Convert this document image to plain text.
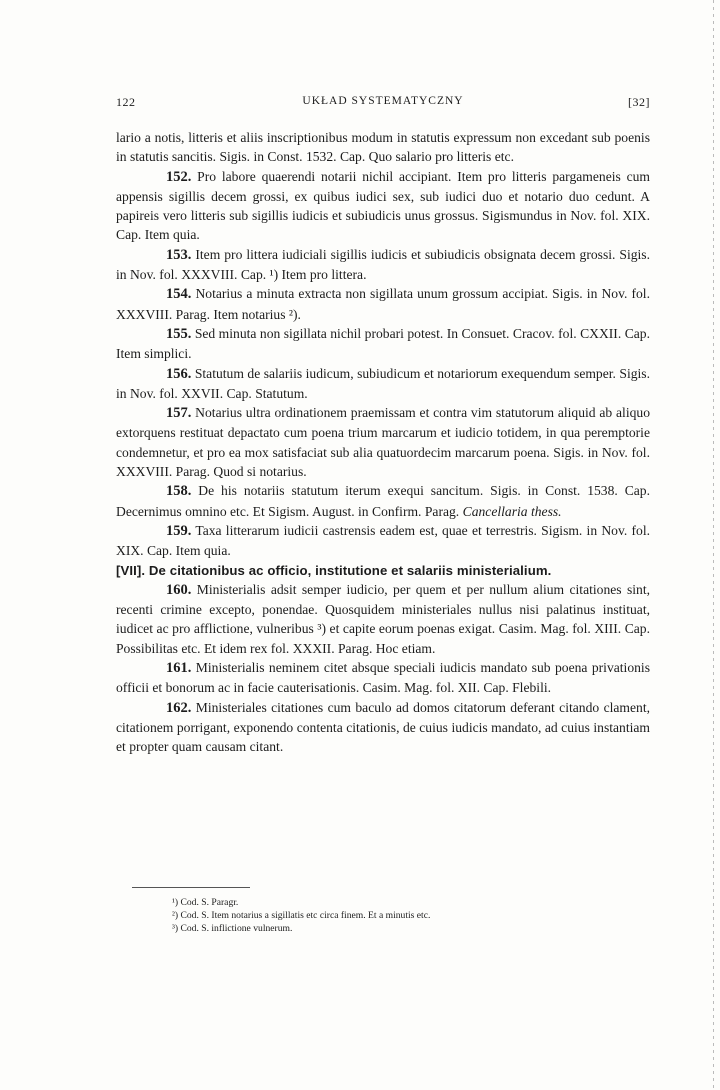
122	UKŁAD SYSTEMATYCZNY	[32]

lario a notis, litteris et aliis inscriptionibus modum in statutis expressum non excedant sub poenis in statutis sancitis. Sigis. in Const. 1532. Cap. Quo salario pro litteris etc.

152. Pro labore quaerendi notarii nichil accipiant. Item pro litteris pargameneis cum appensis sigillis decem grossi, ex quibus iudici sex, sub iudici duo et notario duo cedunt. A papireis vero litteris sub sigillis iudicis et subiudicis unus grossus. Sigismundus in Nov. fol. XIX. Cap. Item quia.

153. Item pro littera iudiciali sigillis iudicis et subiudicis obsignata decem grossi. Sigis. in Nov. fol. XXXVIII. Cap. ¹) Item pro littera.

154. Notarius a minuta extracta non sigillata unum grossum accipiat. Sigis. in Nov. fol. XXXVIII. Parag. Item notarius ²).

155. Sed minuta non sigillata nichil probari potest. In Consuet. Cracov. fol. CXXII. Cap. Item simplici.

156. Statutum de salariis iudicum, subiudicum et notariorum exequendum semper. Sigis. in Nov. fol. XXVII. Cap. Statutum.

157. Notarius ultra ordinationem praemissam et contra vim statutorum aliquid ab aliquo extorquens restituat depactato cum poena trium marcarum et iudicio totidem, in qua peremptorie condemnetur, et pro ea mox satisfaciat sub alia quatuordecim marcarum poena. Sigis. in Nov. fol. XXXVIII. Parag. Quod si notarius.

158. De his notariis statutum iterum exequi sancitum. Sigis. in Const. 1538. Cap. Decernimus omnino etc. Et Sigism. August. in Confirm. Parag. Cancellaria thess.

159. Taxa litterarum iudicii castrensis eadem est, quae et terrestris. Sigism. in Nov. fol. XIX. Cap. Item quia.

[VII]. De citationibus ac officio, institutione et salariis ministerialium.

160. Ministerialis adsit semper iudicio, per quem et per nullum alium citationes sint, recenti crimine excepto, ponendae. Quosquidem ministeriales nullus nisi palatinus instituat, iudicet ac pro afflictione, vulneribus ³) et capite eorum poenas exigat. Casim. Mag. fol. XIII. Cap. Possibilitas etc. Et idem rex fol. XXXII. Parag. Hoc etiam.

161. Ministerialis neminem citet absque speciali iudicis mandato sub poena privationis officii et bonorum ac in facie cauterisationis. Casim. Mag. fol. XII. Cap. Flebili.

162. Ministeriales citationes cum baculo ad domos citatorum deferant citando clament, citationem porrigant, exponendo contenta citationis, de cuius iudicis mandato, ad cuius instantiam et propter quam causam citant.

¹) Cod. S. Paragr.
²) Cod. S. Item notarius a sigillatis etc circa finem. Et a minutis etc.
³) Cod. S. inflictione vulnerum.
